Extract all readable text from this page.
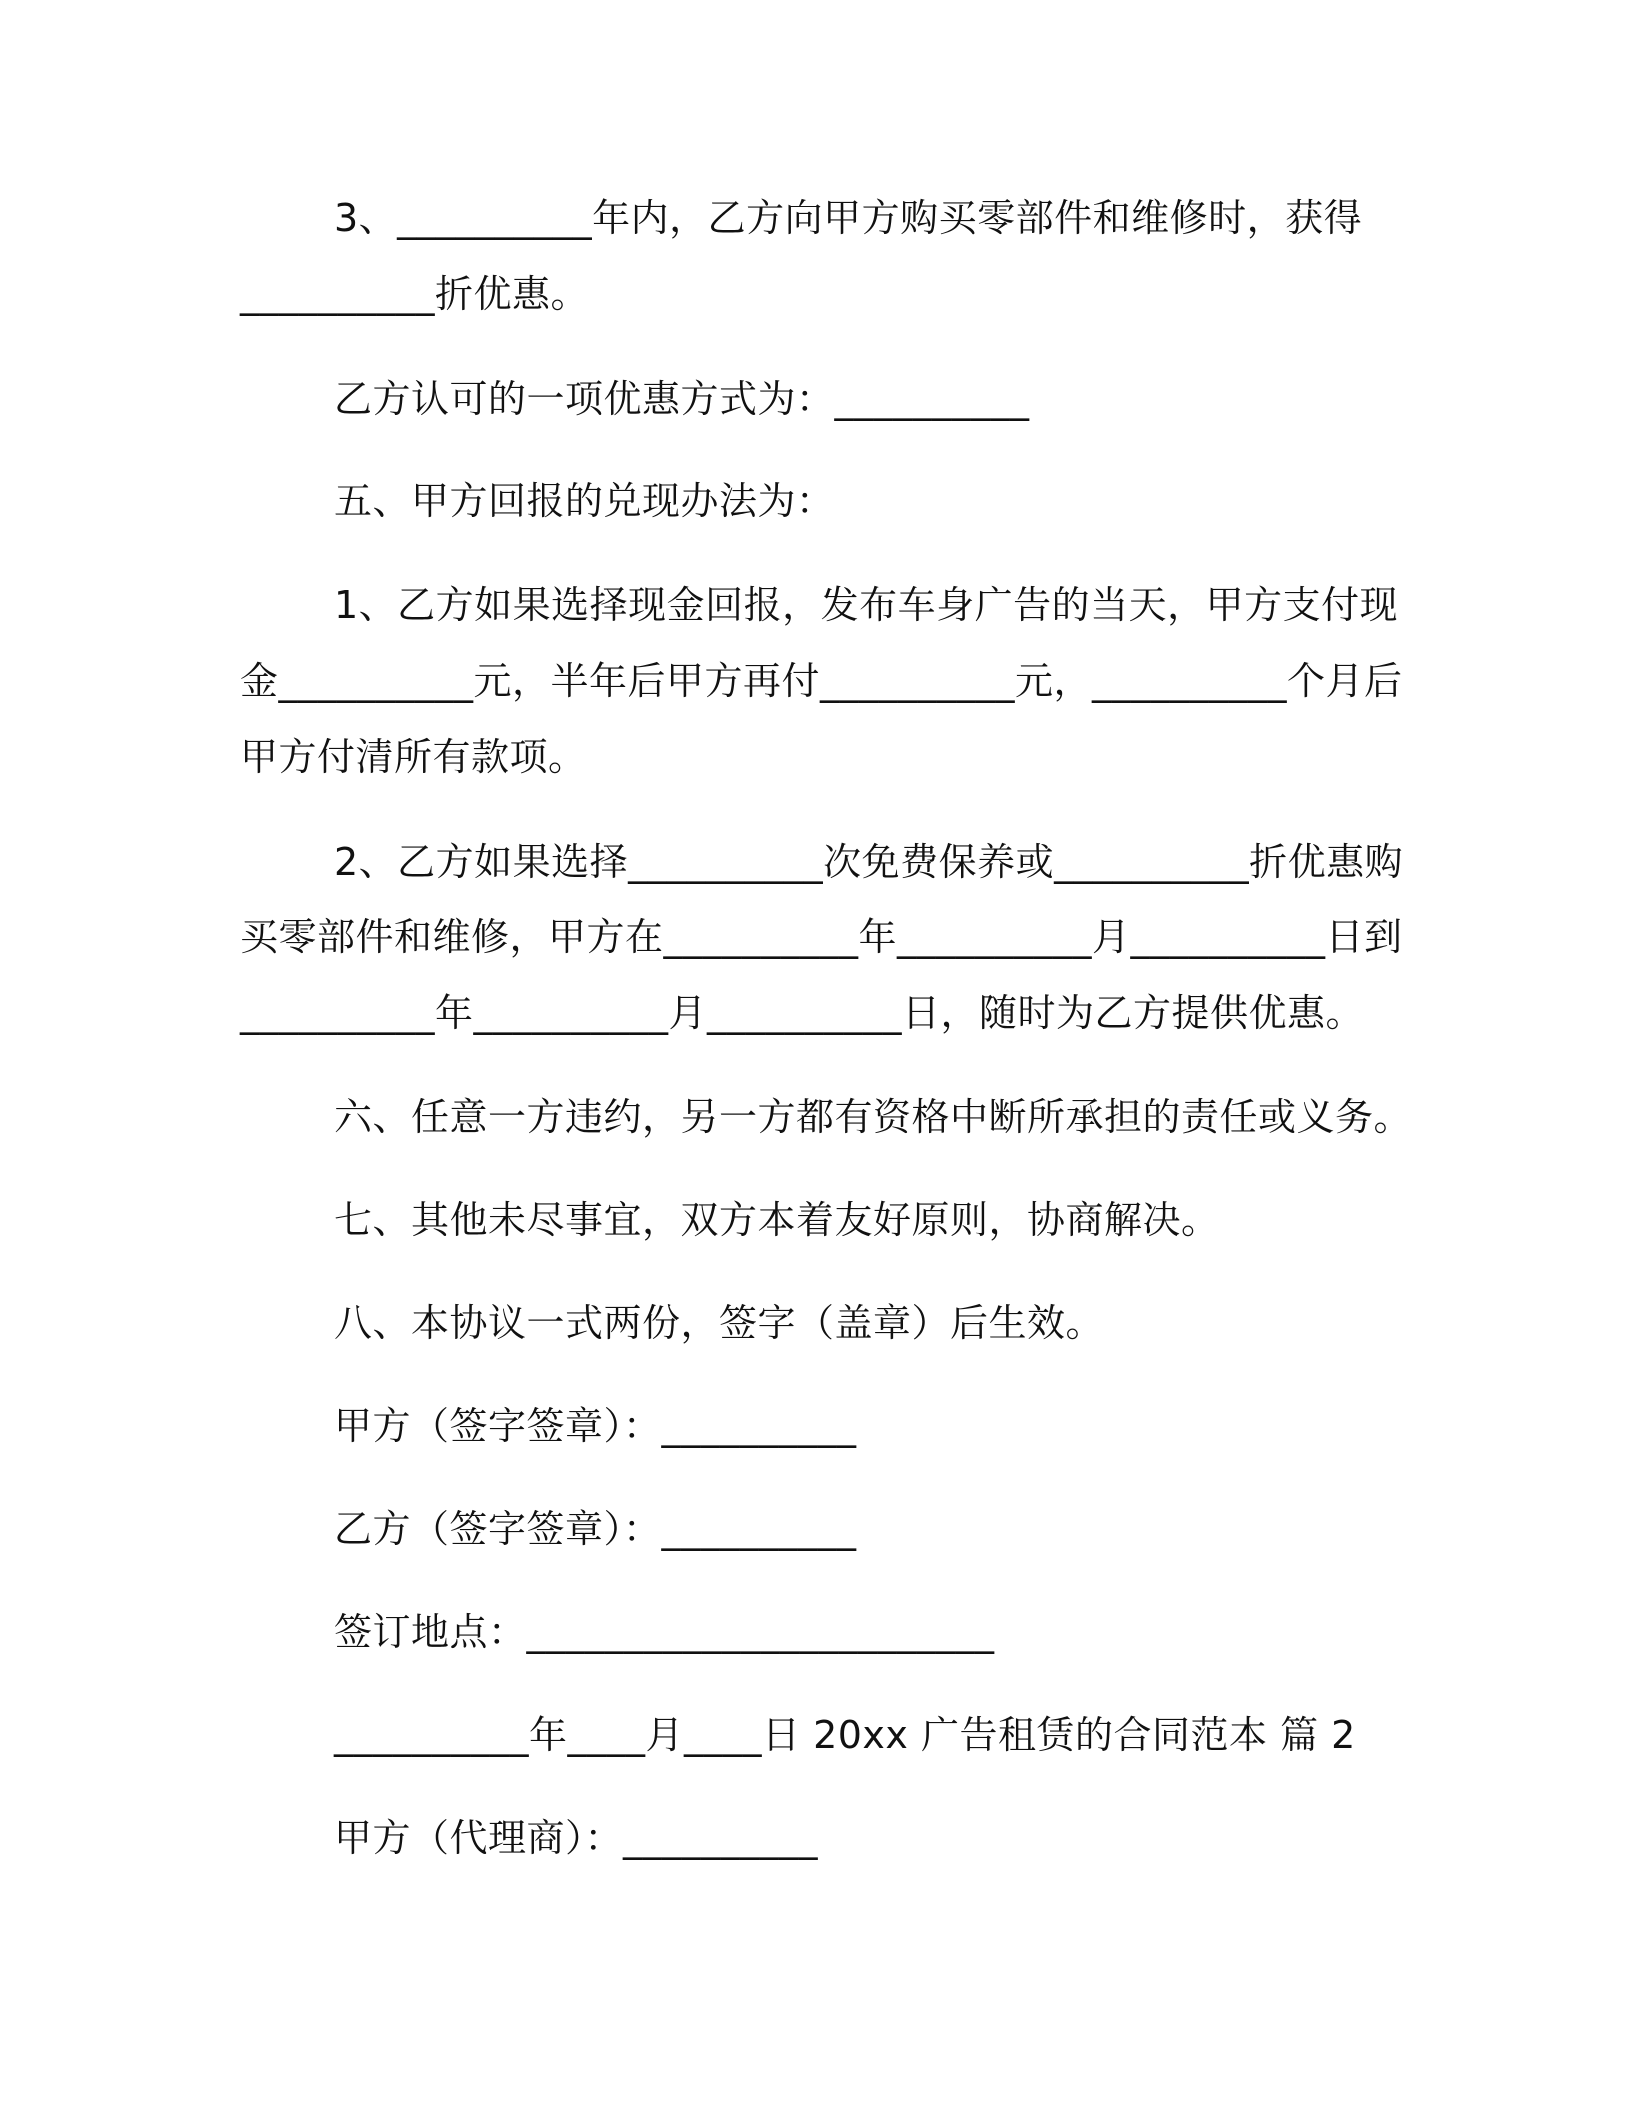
3、__________年内，乙方向甲方购买零部件和维修时，获得
__________折优惠。
乙方认可的一项优惠方式为：__________
五、甲方回报的兑现办法为：
1、乙方如果选择现金回报，发布车身广告的当天，甲方支付现
金__________元，半年后甲方再付__________元，__________个月后
甲方付清所有款项。
2、乙方如果选择__________次免费保养或__________折优惠购
买零部件和维修，甲方在__________年__________月__________日到
__________年__________月__________日，随时为乙方提供优惠。
六、任意一方违约，另一方都有资格中断所承担的责任或义务。
七、其他未尽事宜，双方本着友好原则，协商解决。
八、本协议一式两份，签字（盖章）后生效。
甲方（签字签章）：__________
乙方（签字签章）：__________
签订地点：________________________
__________年____月____日 20xx 广告租赁的合同范本 篇 2
甲方（代理商）：__________
